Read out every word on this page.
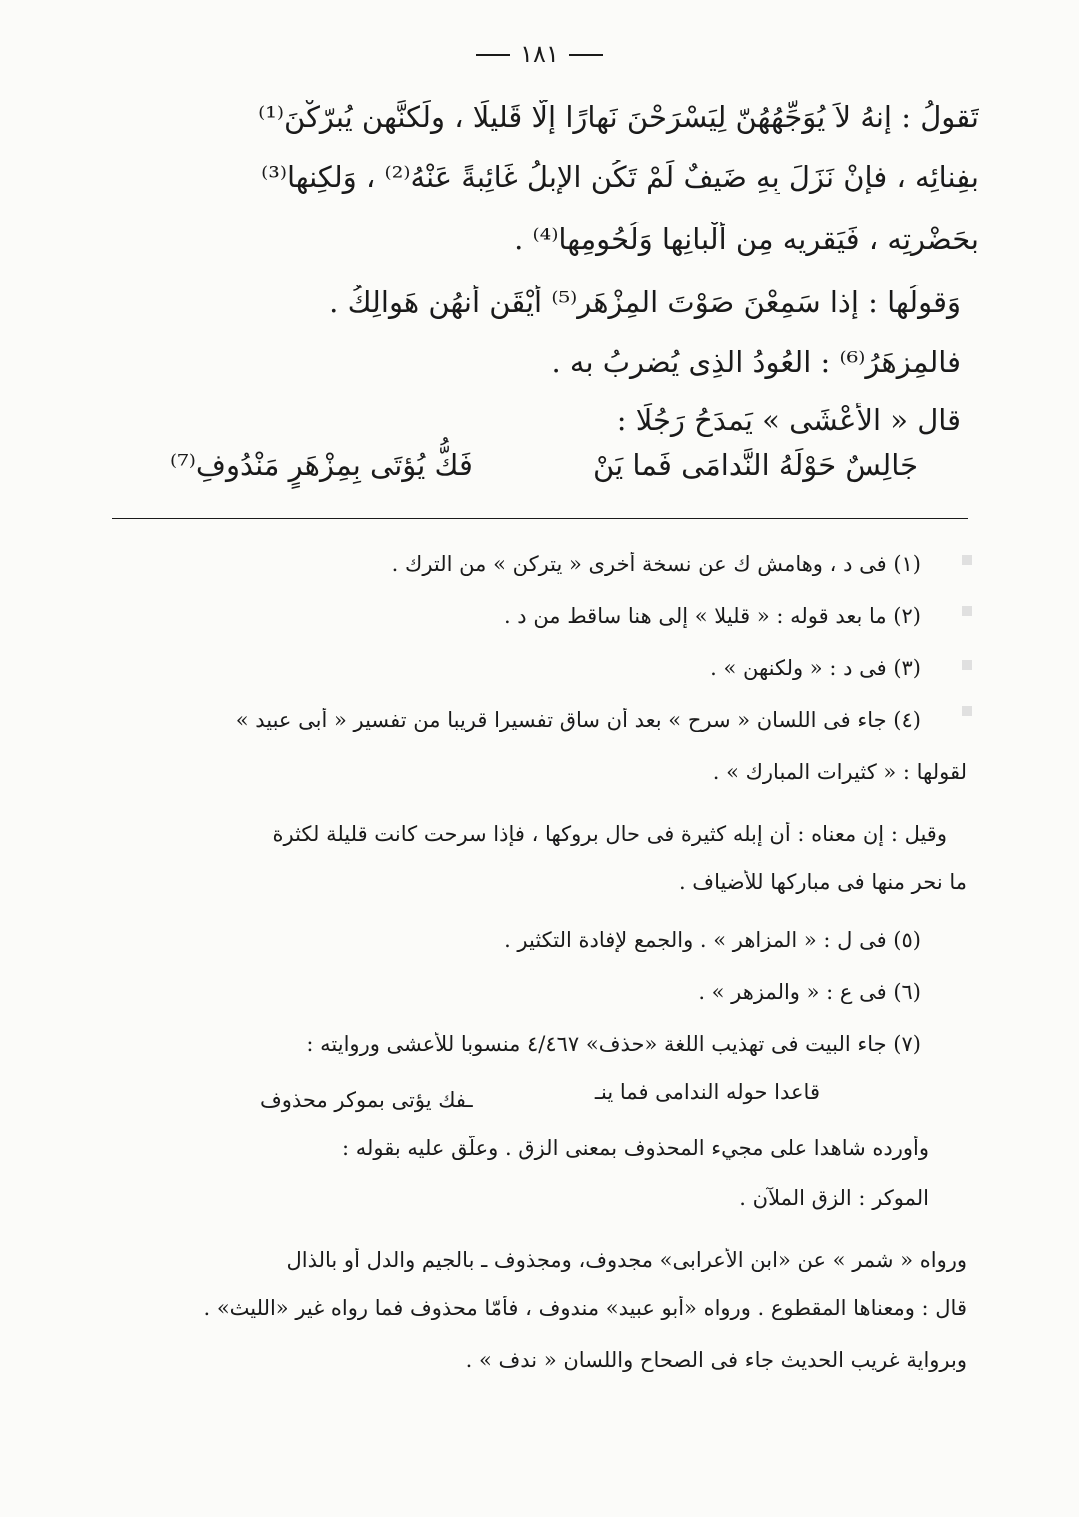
١٨١
تَقولُ : إنهُ لاَ يُوَجِّهُهُنّ لِيَسْرَحْنَ نَهارًا إلّا قَليلًا ، ولَكنَّهن يُبرّكْنَ⁽¹⁾
بفِنائِه ، فإنْ نَزَلَ بِهِ ضَيفٌ لَمْ تَكُن الإِبلُ غَائِبةً عَنْهُ⁽²⁾ ، وَلكِنها⁽³⁾
بحَضْرتِه ، فَيَقريه مِن أَلْبانِها وَلُحُومِها⁽⁴⁾ .
وَقولُها : إذا سَمِعْنَ صَوْتَ المِزْهَرِ⁽⁵⁾ أَيْقَن أَنهُن هَوالِكُ .
فالمِزهَرُ⁽⁶⁾ : العُودُ الذِى يُضربُ به .
قال « الأَعْشَى » يَمدَحُ رَجُلًا :
جَالِسٌ حَوْلَهُ النَّدامَى فَما يَنْ
فَكُّ يُؤتَى بِمِزْهَرٍ مَنْدُوفِ⁽⁷⁾
(١) فى د ، وهامش ك عن نسخة أخرى « يتركن » من الترك .
(٢) ما بعد قوله : « قليلا » إلى هنا ساقط من د .
(٣) فى د : « ولكنهن » .
(٤) جاء فى اللسان « سرح » بعد أن ساق تفسيرا قريبا من تفسير « أبى عبيد »
لقولها : « كثيرات المبارك » .
وقيل : إن معناه : أن إبله كثيرة فى حال بروكها ، فإذا سرحت كانت قليلة لكثرة
ما نحر منها فى مباركها للأضياف .
(٥) فى ل : « المزاهر » . والجمع لإفادة التكثير .
(٦) فى ع : « والمزهر » .
(٧) جاء البيت فى تهذيب اللغة «حذف» ٤/٤٦٧ منسوبا للأعشى وروايته :
قاعدا حوله الندامى فما ينـ
ـفك يؤتى بموكر محذوف
وأورده شاهدا على مجيء المحذوف بمعنى الزق . وعلّق عليه بقوله :
الموكر : الزق الملآن .
ورواه « شمر » عن «ابن الأعرابى» مجدوف، ومجذوف ـ بالجيم والدل أو بالذال
قال : ومعناها المقطوع . ورواه «أبو عبيد» مندوف ، فأمّا محذوف فما رواه غير «الليث» .
وبرواية غريب الحديث جاء فى الصحاح واللسان « ندف » .
